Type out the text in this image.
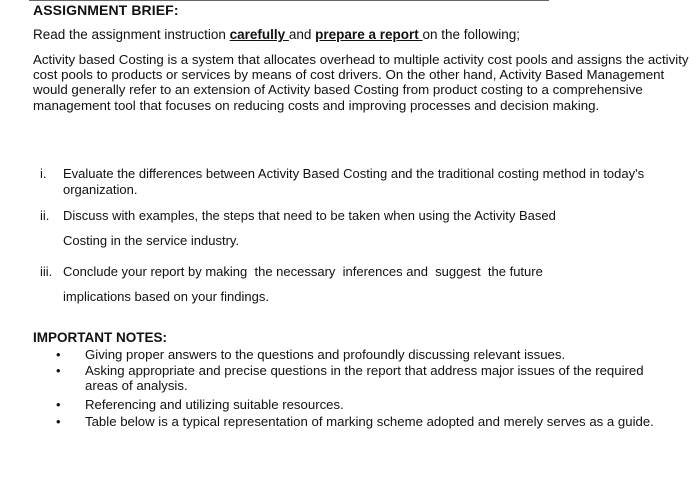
ASSIGNMENT BRIEF:
Read the assignment instruction carefully and prepare a report on the following;
Activity based Costing is a system that allocates overhead to multiple activity cost pools and assigns the activity cost pools to products or services by means of cost drivers. On the other hand, Activity Based Management would generally refer to an extension of Activity based Costing from product costing to a comprehensive management tool that focuses on reducing costs and improving processes and decision making.
i. Evaluate the differences between Activity Based Costing and the traditional costing method in today's
organization.
ii. Discuss with examples, the steps that need to be taken when using the Activity Based
Costing in the service industry.
iii. Conclude your report by making  the necessary  inferences and  suggest  the future
implications based on your findings.
IMPORTANT NOTES:
• Giving proper answers to the questions and profoundly discussing relevant issues.
• Asking appropriate and precise questions in the report that address major issues of the required areas of analysis.
• Referencing and utilizing suitable resources.
• Table below is a typical representation of marking scheme adopted and merely serves as a guide.
